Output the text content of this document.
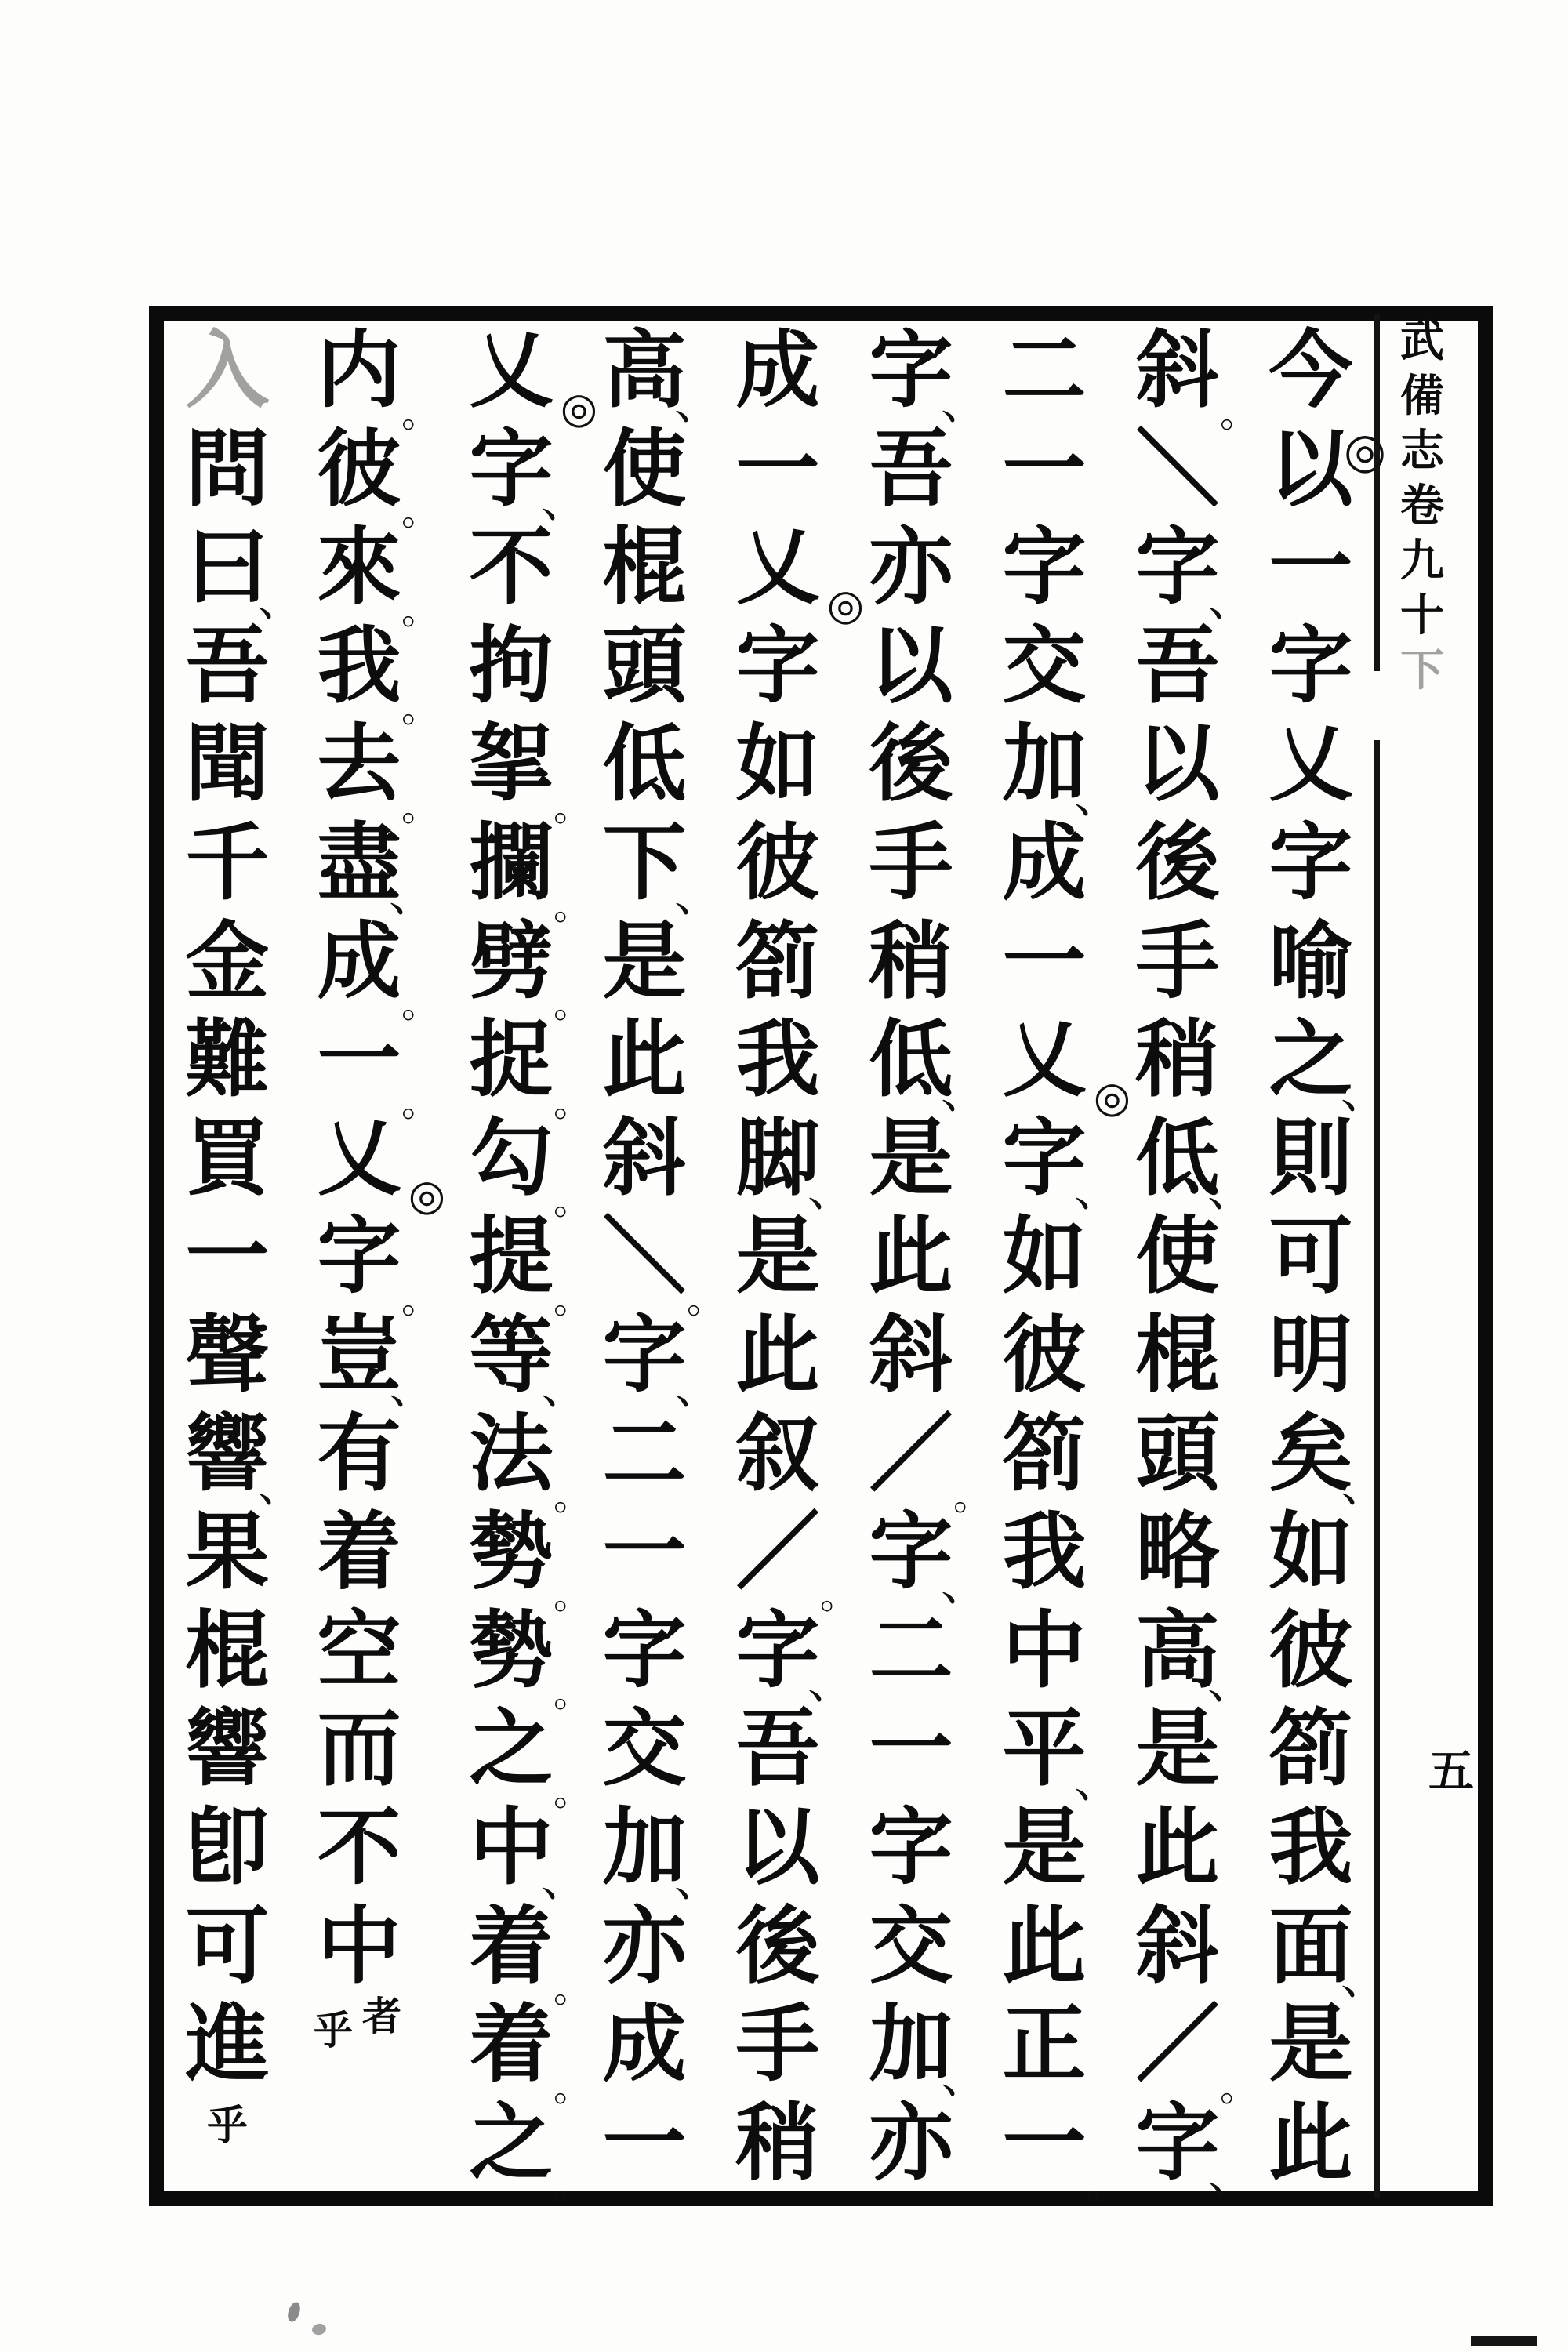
武
備
志
卷
九
十
下
◎
五
今
以
一
字
乂
字
喻
之
、
則
可
明
矣
、
如
彼
箚
我
面
、
是
此
斜 。
＼
字
、
吾
以
後
手
稍
低
、
使
棍
頭
略
高
、
是
此
斜
／ 。
字
、
二
一
字
交
加
、
成
一
乂 ◎
字
、
如
彼
箚
我
中
平
、
是
此
正
一 。
字
、
吾
亦
以
後
手
稍
低
、
是
此
斜
／ 。
字
、
二
一
字
交
加
、
亦
成
一
乂 ◎
字
如
彼
箚
我
脚
、
是
此
叙
／ 。
字
、
吾
以
後
手
稍
高
、
使
棍
頭
低
下
、
是
此
斜
＼ 。
字
、
二
一
字
交
加
、
亦
成
一
乂 ◎
字
、
不
拘
挐 。
攔 。
劈 。
捉 。
勾 。
提 。
等
、
法 。
勢 。
勢 。
之 。
中
、
着 。
着 。
之 。
内 。
彼 。
來 。
我 。
去 。
盡
、
成 。
一 。
乂 ◎
字 。
豈
、
有
着
空
而
不
中
者
乎
入
問
曰
、
吾
聞
千
金
難
買
一
聲
響
、
果
棍
響
卽
可
進
乎
